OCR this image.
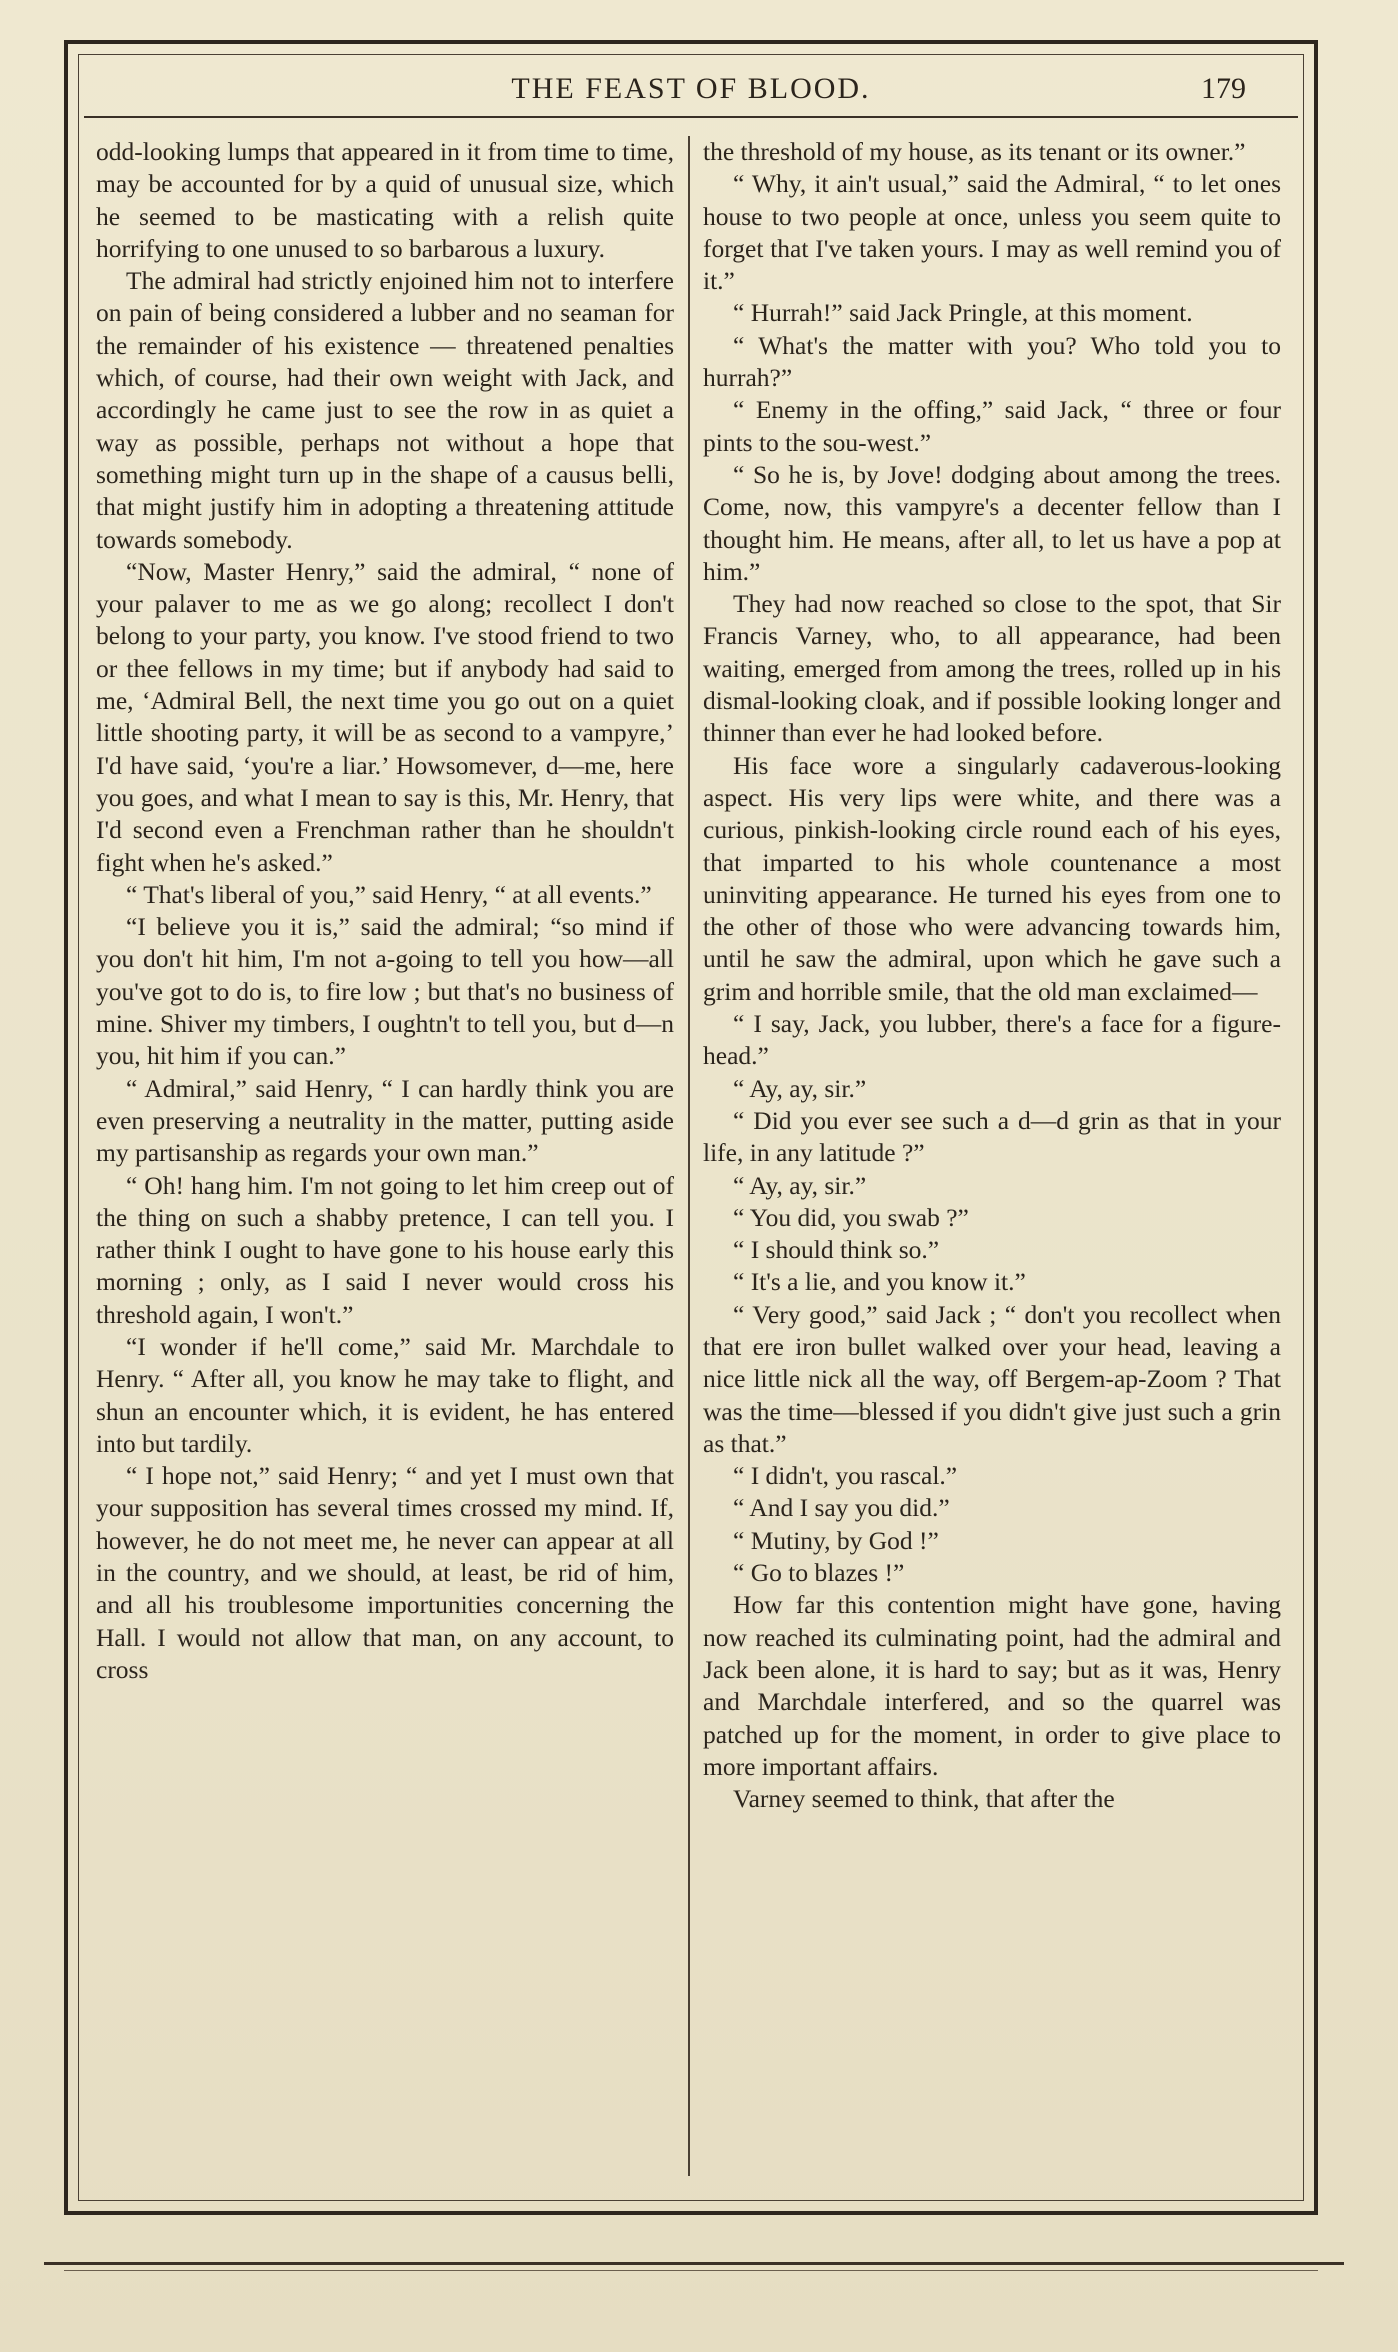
THE FEAST OF BLOOD.	179

odd-looking lumps that appeared in it from time to time, may be accounted for by a quid of unusual size, which he seemed to be masticating with a relish quite horrifying to one unused to so barbarous a luxury.

The admiral had strictly enjoined him not to interfere on pain of being considered a lubber and no seaman for the remainder of his existence — threatened penalties which, of course, had their own weight with Jack, and accordingly he came just to see the row in as quiet a way as possible, perhaps not without a hope that something might turn up in the shape of a causus belli, that might justify him in adopting a threatening attitude towards somebody.

“Now, Master Henry,” said the admiral, “ none of your palaver to me as we go along; recollect I don't belong to your party, you know. I've stood friend to two or thee fellows in my time; but if anybody had said to me, ‘Admiral Bell, the next time you go out on a quiet little shooting party, it will be as second to a vampyre,’ I'd have said, ‘you're a liar.’ Howsomever, d—me, here you goes, and what I mean to say is this, Mr. Henry, that I'd second even a Frenchman rather than he shouldn't fight when he's asked.”

“ That's liberal of you,” said Henry, “ at all events.”

“I believe you it is,” said the admiral; “so mind if you don't hit him, I'm not a-going to tell you how—all you've got to do is, to fire low ; but that's no business of mine. Shiver my timbers, I oughtn't to tell you, but d—n you, hit him if you can.”

“ Admiral,” said Henry, “ I can hardly think you are even preserving a neutrality in the matter, putting aside my partisanship as regards your own man.”

“ Oh! hang him. I'm not going to let him creep out of the thing on such a shabby pretence, I can tell you. I rather think I ought to have gone to his house early this morning ; only, as I said I never would cross his threshold again, I won't.”

“I wonder if he'll come,” said Mr. Marchdale to Henry. “ After all, you know he may take to flight, and shun an encounter which, it is evident, he has entered into but tardily.

“ I hope not,” said Henry; “ and yet I must own that your supposition has several times crossed my mind. If, however, he do not meet me, he never can appear at all in the country, and we should, at least, be rid of him, and all his troublesome importunities concerning the Hall. I would not allow that man, on any account, to cross

the threshold of my house, as its tenant or its owner.”

“ Why, it ain't usual,” said the Admiral, “ to let ones house to two people at once, unless you seem quite to forget that I've taken yours. I may as well remind you of it.”

“ Hurrah!” said Jack Pringle, at this moment.

“ What's the matter with you? Who told you to hurrah?”

“ Enemy in the offing,” said Jack, “ three or four pints to the sou-west.”

“ So he is, by Jove! dodging about among the trees. Come, now, this vampyre's a decenter fellow than I thought him. He means, after all, to let us have a pop at him.”

They had now reached so close to the spot, that Sir Francis Varney, who, to all appearance, had been waiting, emerged from among the trees, rolled up in his dismal-looking cloak, and if possible looking longer and thinner than ever he had looked before.

His face wore a singularly cadaverous-looking aspect. His very lips were white, and there was a curious, pinkish-looking circle round each of his eyes, that imparted to his whole countenance a most uninviting appearance. He turned his eyes from one to the other of those who were advancing towards him, until he saw the admiral, upon which he gave such a grim and horrible smile, that the old man exclaimed—

“ I say, Jack, you lubber, there's a face for a figure-head.”

“ Ay, ay, sir.”

“ Did you ever see such a d—d grin as that in your life, in any latitude ?”

“ Ay, ay, sir.”

“ You did, you swab ?”

“ I should think so.”

“ It's a lie, and you know it.”

“ Very good,” said Jack ; “ don't you recollect when that ere iron bullet walked over your head, leaving a nice little nick all the way, off Bergem-ap-Zoom ? That was the time—blessed if you didn't give just such a grin as that.”

“ I didn't, you rascal.”

“ And I say you did.”

“ Mutiny, by God !”

“ Go to blazes !”

How far this contention might have gone, having now reached its culminating point, had the admiral and Jack been alone, it is hard to say; but as it was, Henry and Marchdale interfered, and so the quarrel was patched up for the moment, in order to give place to more important affairs.

Varney seemed to think, that after the
